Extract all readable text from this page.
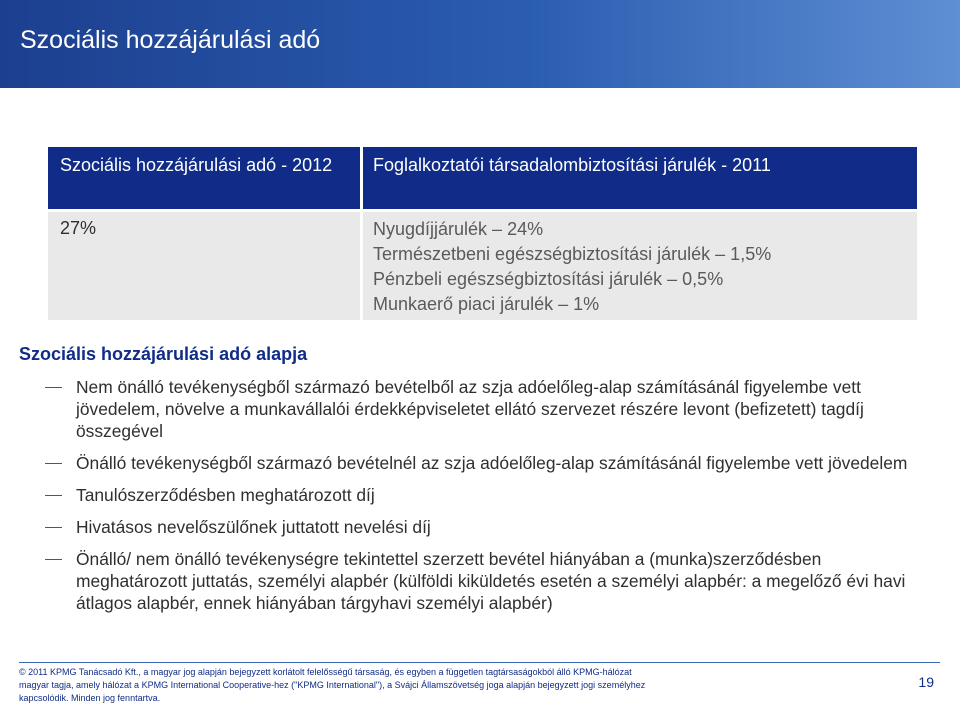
Szociális hozzájárulási adó
Szociális hozzájárulási adó - 2012	Foglalkoztatói társadalombiztosítási járulék - 2011
27%	Nyugdíjjárulék – 24%
Természetbeni egészségbiztosítási járulék – 1,5%
Pénzbeli egészségbiztosítási járulék – 0,5%
Munkaerő piaci járulék – 1%
Szociális hozzájárulási adó alapja
Nem önálló tevékenységből származó bevételből az szja adóelőleg-alap számításánál figyelembe vett jövedelem, növelve a munkavállalói érdekképviseletet ellátó szervezet részére levont (befizetett) tagdíj összegével
Önálló tevékenységből származó bevételnél az szja adóelőleg-alap számításánál figyelembe vett jövedelem
Tanulószerződésben meghatározott díj
Hivatásos nevelőszülőnek juttatott nevelési díj
Önálló/ nem önálló tevékenységre tekintettel szerzett bevétel hiányában a (munka)szerződésben meghatározott juttatás, személyi alapbér (külföldi kiküldetés esetén a személyi alapbér: a megelőző évi havi átlagos alapbér, ennek hiányában tárgyhavi személyi alapbér)
© 2011 KPMG Tanácsadó Kft., a magyar jog alapján bejegyzett korlátolt felelősségű társaság, és egyben a független tagtársaságokból álló KPMG-hálózat magyar tagja, amely hálózat a KPMG International Cooperative-hez ("KPMG International"), a Svájci Államszövetség joga alapján bejegyzett jogi személyhez kapcsolódik. Minden jog fenntartva.
19
